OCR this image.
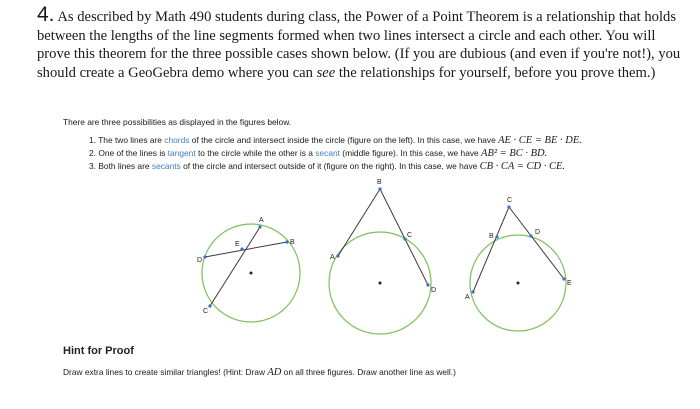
4. As described by Math 490 students during class, the Power of a Point Theorem is a relationship that holds between the lengths of the line segments formed when two lines intersect a circle and each other. You will prove this theorem for the three possible cases shown below. (If you are dubious (and even if you're not!), you should create a GeoGebra demo where you can see the relationships for yourself, before you prove them.)
There are three possibilities as displayed in the figures below.
1. The two lines are chords of the circle and intersect inside the circle (figure on the left). In this case, we have AE · CE = BE · DE.
2. One of the lines is tangent to the circle while the other is a secant (middle figure). In this case, we have AB² = BC · BD.
3. Both lines are secants of the circle and intersect outside of it (figure on the right). In this case, we have CB · CA = CD · CE.
A
B
C
D
E
A
B
C
D
A
B
C
D
E
Hint for Proof
Draw extra lines to create similar triangles! (Hint: Draw AD on all three figures. Draw another line as well.)
